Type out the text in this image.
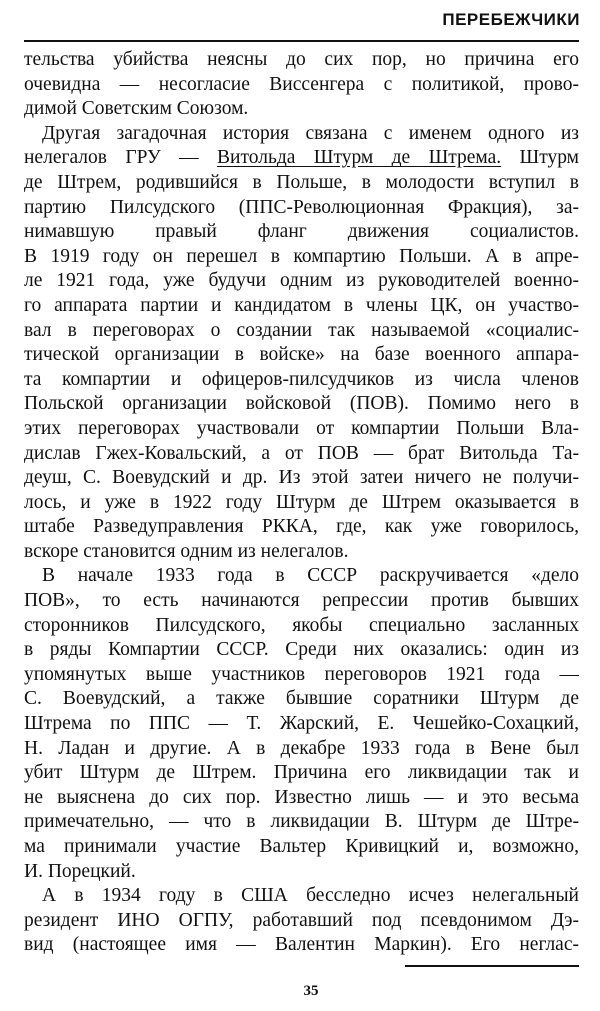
ПЕРЕБЕЖЧИКИ
тельства убийства неясны до сих пор, но причина его
очевидна — несогласие Виссенгера с политикой, прово-
димой Советским Союзом.
Другая загадочная история связана с именем одного из
нелегалов ГРУ — Витольда Штурм де Штрема. Штурм
де Штрем, родившийся в Польше, в молодости вступил в
партию Пилсудского (ППС-Революционная Фракция), за-
нимавшую правый фланг движения социалистов.
В 1919 году он перешел в компартию Польши. А в апре-
ле 1921 года, уже будучи одним из руководителей военно-
го аппарата партии и кандидатом в члены ЦК, он участво-
вал в переговорах о создании так называемой «социалис-
тической организации в войске» на базе военного аппара-
та компартии и офицеров-пилсудчиков из числа членов
Польской организации войсковой (ПОВ). Помимо него в
этих переговорах участвовали от компартии Польши Вла-
дислав Гжех-Ковальский, а от ПОВ — брат Витольда Та-
деуш, С. Воевудский и др. Из этой затеи ничего не получи-
лось, и уже в 1922 году Штурм де Штрем оказывается в
штабе Разведуправления РККА, где, как уже говорилось,
вскоре становится одним из нелегалов.
В начале 1933 года в СССР раскручивается «дело
ПОВ», то есть начинаются репрессии против бывших
сторонников Пилсудского, якобы специально засланных
в ряды Компартии СССР. Среди них оказались: один из
упомянутых выше участников переговоров 1921 года —
С. Воевудский, а также бывшие соратники Штурм де
Штрема по ППС — Т. Жарский, Е. Чешейко-Сохацкий,
Н. Ладан и другие. А в декабре 1933 года в Вене был
убит Штурм де Штрем. Причина его ликвидации так и
не выяснена до сих пор. Известно лишь — и это весьма
примечательно, — что в ликвидации В. Штурм де Штре-
ма принимали участие Вальтер Кривицкий и, возможно,
И. Порецкий.
А в 1934 году в США бесследно исчез нелегальный
резидент ИНО ОГПУ, работавший под псевдонимом Дэ-
вид (настоящее имя — Валентин Маркин). Его неглас-
35
